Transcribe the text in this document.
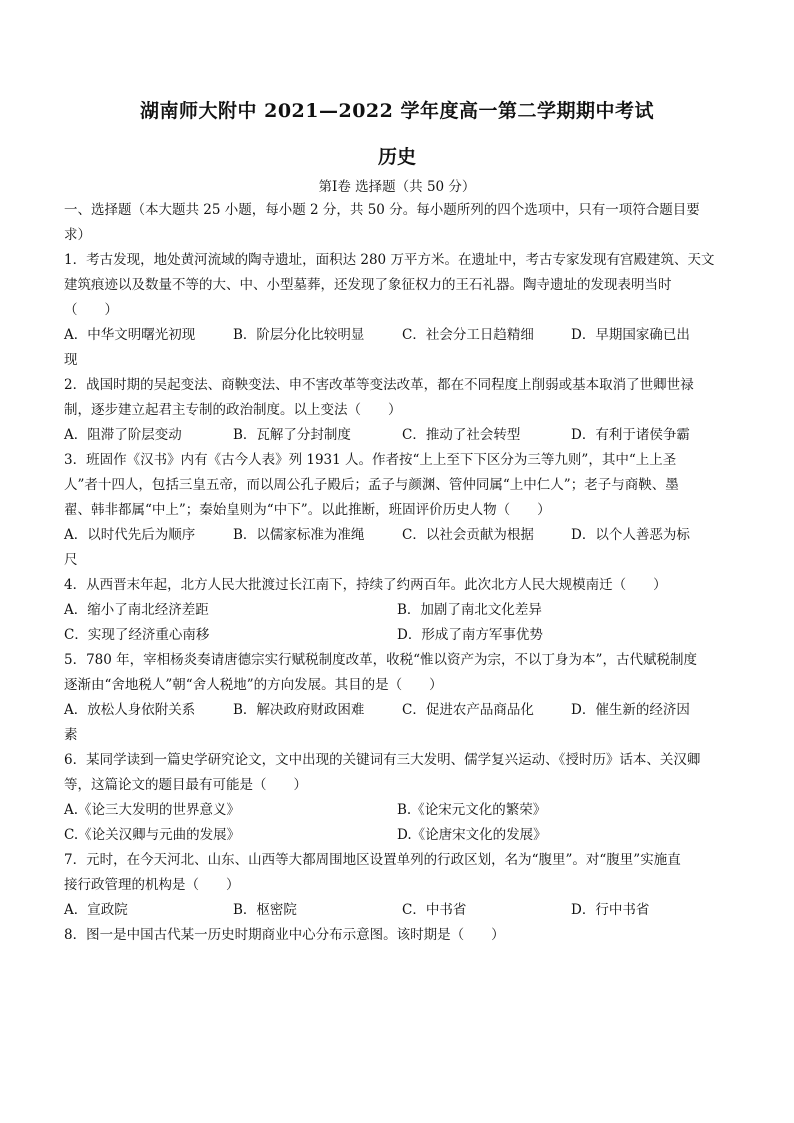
湖南师大附中 2021—2022 学年度高一第二学期期中考试
历史
第Ⅰ卷 选择题（共 50 分）
一、选择题（本大题共 25 小题，每小题 2 分，共 50 分。每小题所列的四个选项中，只有一项符合题目要
求）
1．考古发现，地处黄河流域的陶寺遗址，面积达 280 万平方米。在遗址中，考古专家发现有宫殿建筑、天文
建筑痕迹以及数量不等的大、中、小型墓葬，还发现了象征权力的王石礼器。陶寺遗址的发现表明当时
（　　）
A．中华文明曙光初现	B．阶层分化比较明显	C．社会分工日趋精细	D．早期国家确已出
现
2．战国时期的吴起变法、商鞅变法、申不害改革等变法改革，都在不同程度上削弱或基本取消了世卿世禄
制，逐步建立起君主专制的政治制度。以上变法（　　）
A．阻滞了阶层变动	B．瓦解了分封制度	C．推动了社会转型	D．有利于诸侯争霸
3．班固作《汉书》内有《古今人表》列 1931 人。作者按“上上至下下区分为三等九则”，其中“上上圣
人”者十四人，包括三皇五帝，而以周公孔子殿后；孟子与颜渊、管仲同属“上中仁人”；老子与商鞅、墨
翟、韩非都属“中上”；秦始皇则为“中下”。以此推断，班固评价历史人物（　　）
A．以时代先后为顺序	B．以儒家标准为准绳	C．以社会贡献为根据	D．以个人善恶为标
尺
4．从西晋末年起，北方人民大批渡过长江南下，持续了约两百年。此次北方人民大规模南迁（　　）
A．缩小了南北经济差距	B．加剧了南北文化差异
C．实现了经济重心南移	D．形成了南方军事优势
5．780 年，宰相杨炎奏请唐德宗实行赋税制度改革，收税“惟以资产为宗，不以丁身为本”，古代赋税制度
逐渐由“舍地税人”朝“舍人税地”的方向发展。其目的是（　　）
A．放松人身依附关系	B．解决政府财政困难	C．促进农产品商品化	D．催生新的经济因
素
6．某同学读到一篇史学研究论文，文中出现的关键词有三大发明、儒学复兴运动、《授时历》话本、关汉卿
等，这篇论文的题目最有可能是（　　）
A.《论三大发明的世界意义》	B.《论宋元文化的繁荣》
C.《论关汉卿与元曲的发展》	D.《论唐宋文化的发展》
7．元时，在今天河北、山东、山西等大都周围地区设置单列的行政区划，名为“腹里”。对“腹里”实施直
接行政管理的机构是（　　）
A．宣政院	B．枢密院	C．中书省	D．行中书省
8．图一是中国古代某一历史时期商业中心分布示意图。该时期是（　　）
